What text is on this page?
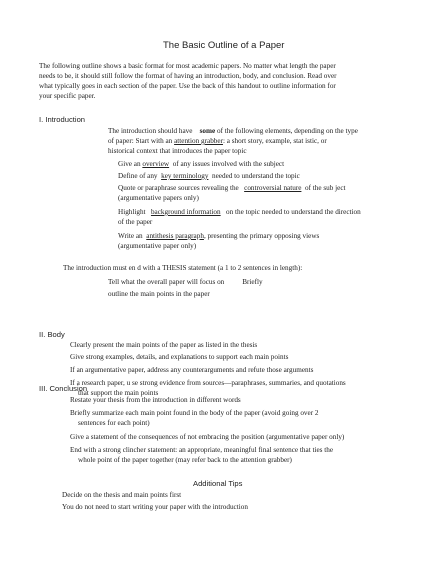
The Basic Outline of a Paper
The following outline shows a basic format for most academic papers. No matter what length the paper
needs to be, it should still follow the format of having an introduction, body, and conclusion. Read over
what typically goes in each section of the paper. Use the back of this handout to outline information for
your specific paper.
I. Introduction
The introduction should have some of the following elements, depending on the type
of paper: Start with an attention grabber: a short story, example, stat istic, or
historical context that introduces the paper topic
Give an overview of any issues involved with the subject
Define of any key terminology needed to understand the topic
Quote or paraphrase sources revealing the controversial nature of the sub ject
(argumentative papers only)
Highlight background information on the topic needed to understand the direction
of the paper
Write an antithesis paragraph, presenting the primary opposing views
(argumentative paper only)
The introduction must en d with a THESIS statement (a 1 to 2 sentences in length):
Tell what the overall paper will focus on Briefly
outline the main points in the paper
II. Body
Clearly present the main points of the paper as listed in the thesis
Give strong examples, details, and explanations to support each main points
If an argumentative paper, address any counterarguments and refute those arguments
If a research paper, u se strong evidence from sources—paraphrases, summaries, and quotations
that support the main points
III. Conclusion
Restate your thesis from the introduction in different words
Briefly summarize each main point found in the body of the paper (avoid going over 2
sentences for each point)
Give a statement of the consequences of not embracing the position (argumentative paper only)
End with a strong clincher statement: an appropriate, meaningful final sentence that ties the
whole point of the paper together (may refer back to the attention grabber)
Additional Tips
Decide on the thesis and main points first
You do not need to start writing your paper with the introduction
